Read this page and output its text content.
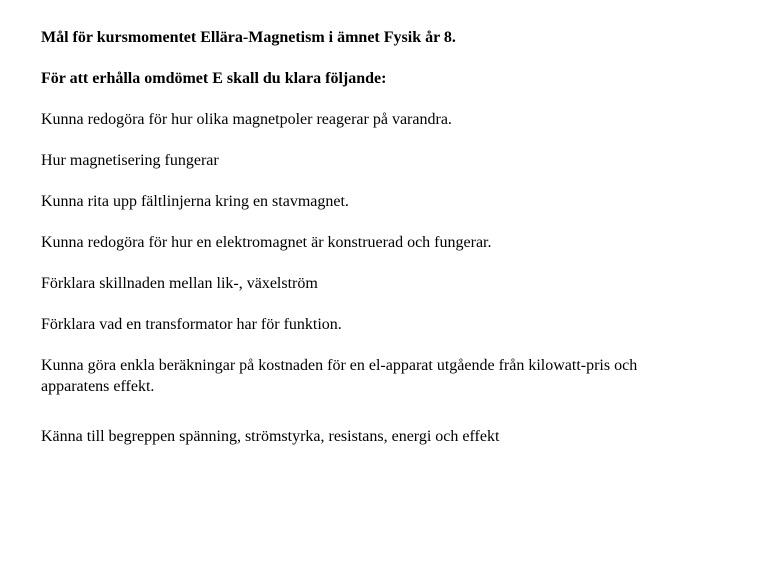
Mål för kursmomentet Ellära-Magnetism i ämnet Fysik år 8.

För att erhålla omdömet E skall du klara följande:

Kunna redogöra för hur olika magnetpoler reagerar på varandra.

Hur magnetisering fungerar

Kunna rita upp fältlinjerna kring en stavmagnet.

Kunna redogöra för hur en elektromagnet är konstruerad och fungerar.

Förklara skillnaden mellan lik-, växelström

Förklara vad en transformator har för funktion.

Kunna göra enkla beräkningar på kostnaden för en el-apparat utgående från kilowatt-pris och apparatens effekt.

Känna till begreppen spänning, strömstyrka, resistans, energi och effekt
